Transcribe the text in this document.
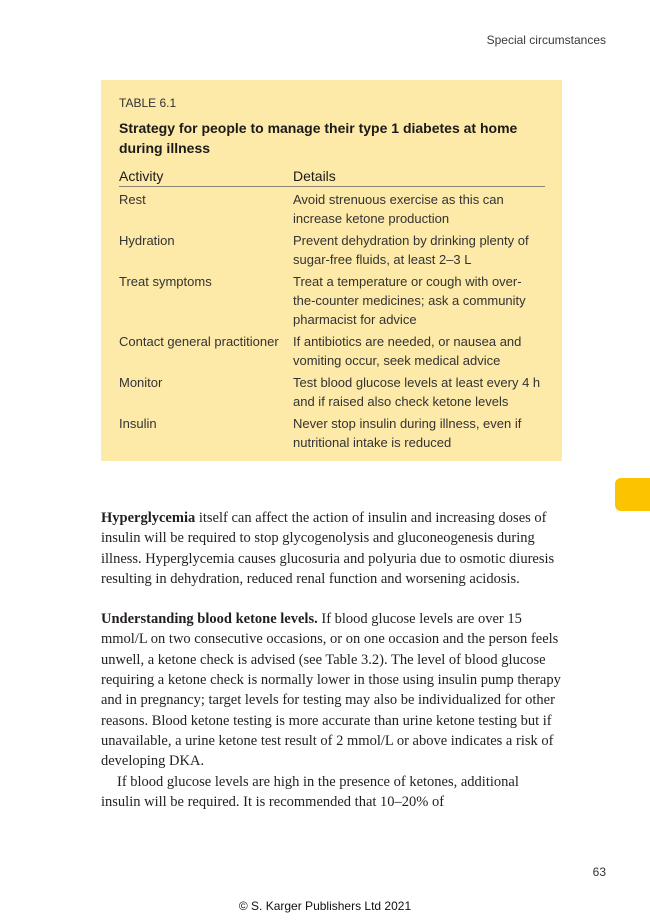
Special circumstances
TABLE 6.1
Strategy for people to manage their type 1 diabetes at home during illness
Activity	Details
Rest	Avoid strenuous exercise as this can increase ketone production
Hydration	Prevent dehydration by drinking plenty of sugar-free fluids, at least 2–3 L
Treat symptoms	Treat a temperature or cough with over-the-counter medicines; ask a community pharmacist for advice
Contact general practitioner	If antibiotics are needed, or nausea and vomiting occur, seek medical advice
Monitor	Test blood glucose levels at least every 4 h and if raised also check ketone levels
Insulin	Never stop insulin during illness, even if nutritional intake is reduced

Hyperglycemia itself can affect the action of insulin and increasing doses of insulin will be required to stop glycogenolysis and gluconeogenesis during illness. Hyperglycemia causes glucosuria and polyuria due to osmotic diuresis resulting in dehydration, reduced renal function and worsening acidosis.

Understanding blood ketone levels. If blood glucose levels are over 15 mmol/L on two consecutive occasions, or on one occasion and the person feels unwell, a ketone check is advised (see Table 3.2). The level of blood glucose requiring a ketone check is normally lower in those using insulin pump therapy and in pregnancy; target levels for testing may also be individualized for other reasons. Blood ketone testing is more accurate than urine ketone testing but if unavailable, a urine ketone test result of 2 mmol/L or above indicates a risk of developing DKA.

If blood glucose levels are high in the presence of ketones, additional insulin will be required. It is recommended that 10–20% of

63
© S. Karger Publishers Ltd 2021
